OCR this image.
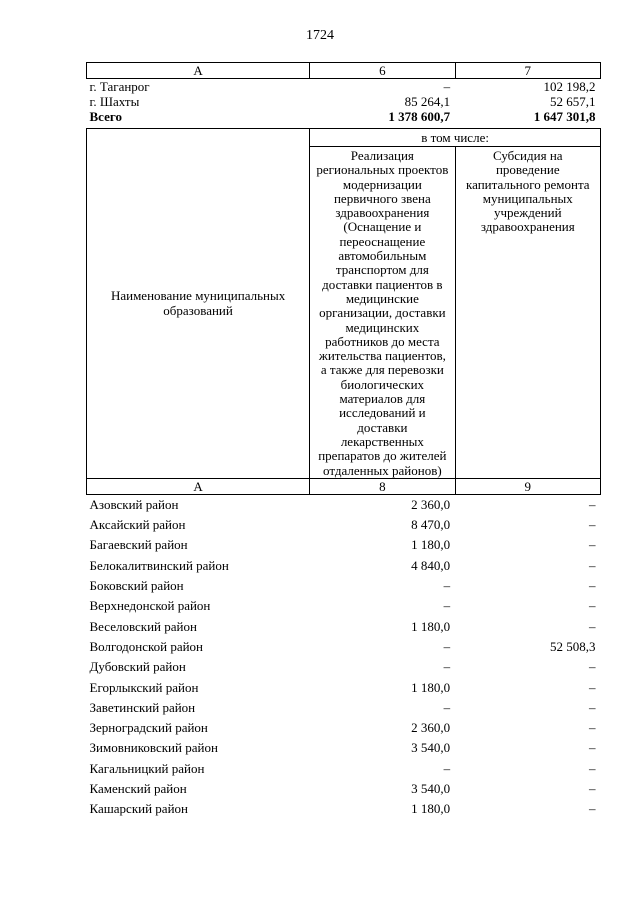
1724
А	6	7
г. Таганрог	–	102 198,2
г. Шахты	85 264,1	52 657,1
Всего	1 378 600,7	1 647 301,8
Наименование муниципальных образований	в том числе:	
	Реализация региональных проектов модернизации первичного звена здравоохранения (Оснащение и переоснащение автомобильным транспортом для доставки пациентов в медицинские организации, доставки медицинских работников до места жительства пациентов, а также для перевозки биологических материалов для исследований и доставки лекарственных препаратов до жителей отдаленных районов)	Субсидия на проведение капитального ремонта муниципальных учреждений здравоохранения
А	8	9
Азовский район	2 360,0	–
Аксайский район	8 470,0	–
Багаевский район	1 180,0	–
Белокалитвинский район	4 840,0	–
Боковский район	–	–
Верхнедонской район	–	–
Веселовский район	1 180,0	–
Волгодонской район	–	52 508,3
Дубовский район	–	–
Егорлыкский район	1 180,0	–
Заветинский район	–	–
Зерноградский район	2 360,0	–
Зимовниковский район	3 540,0	–
Кагальницкий район	–	–
Каменский район	3 540,0	–
Кашарский район	1 180,0	–
